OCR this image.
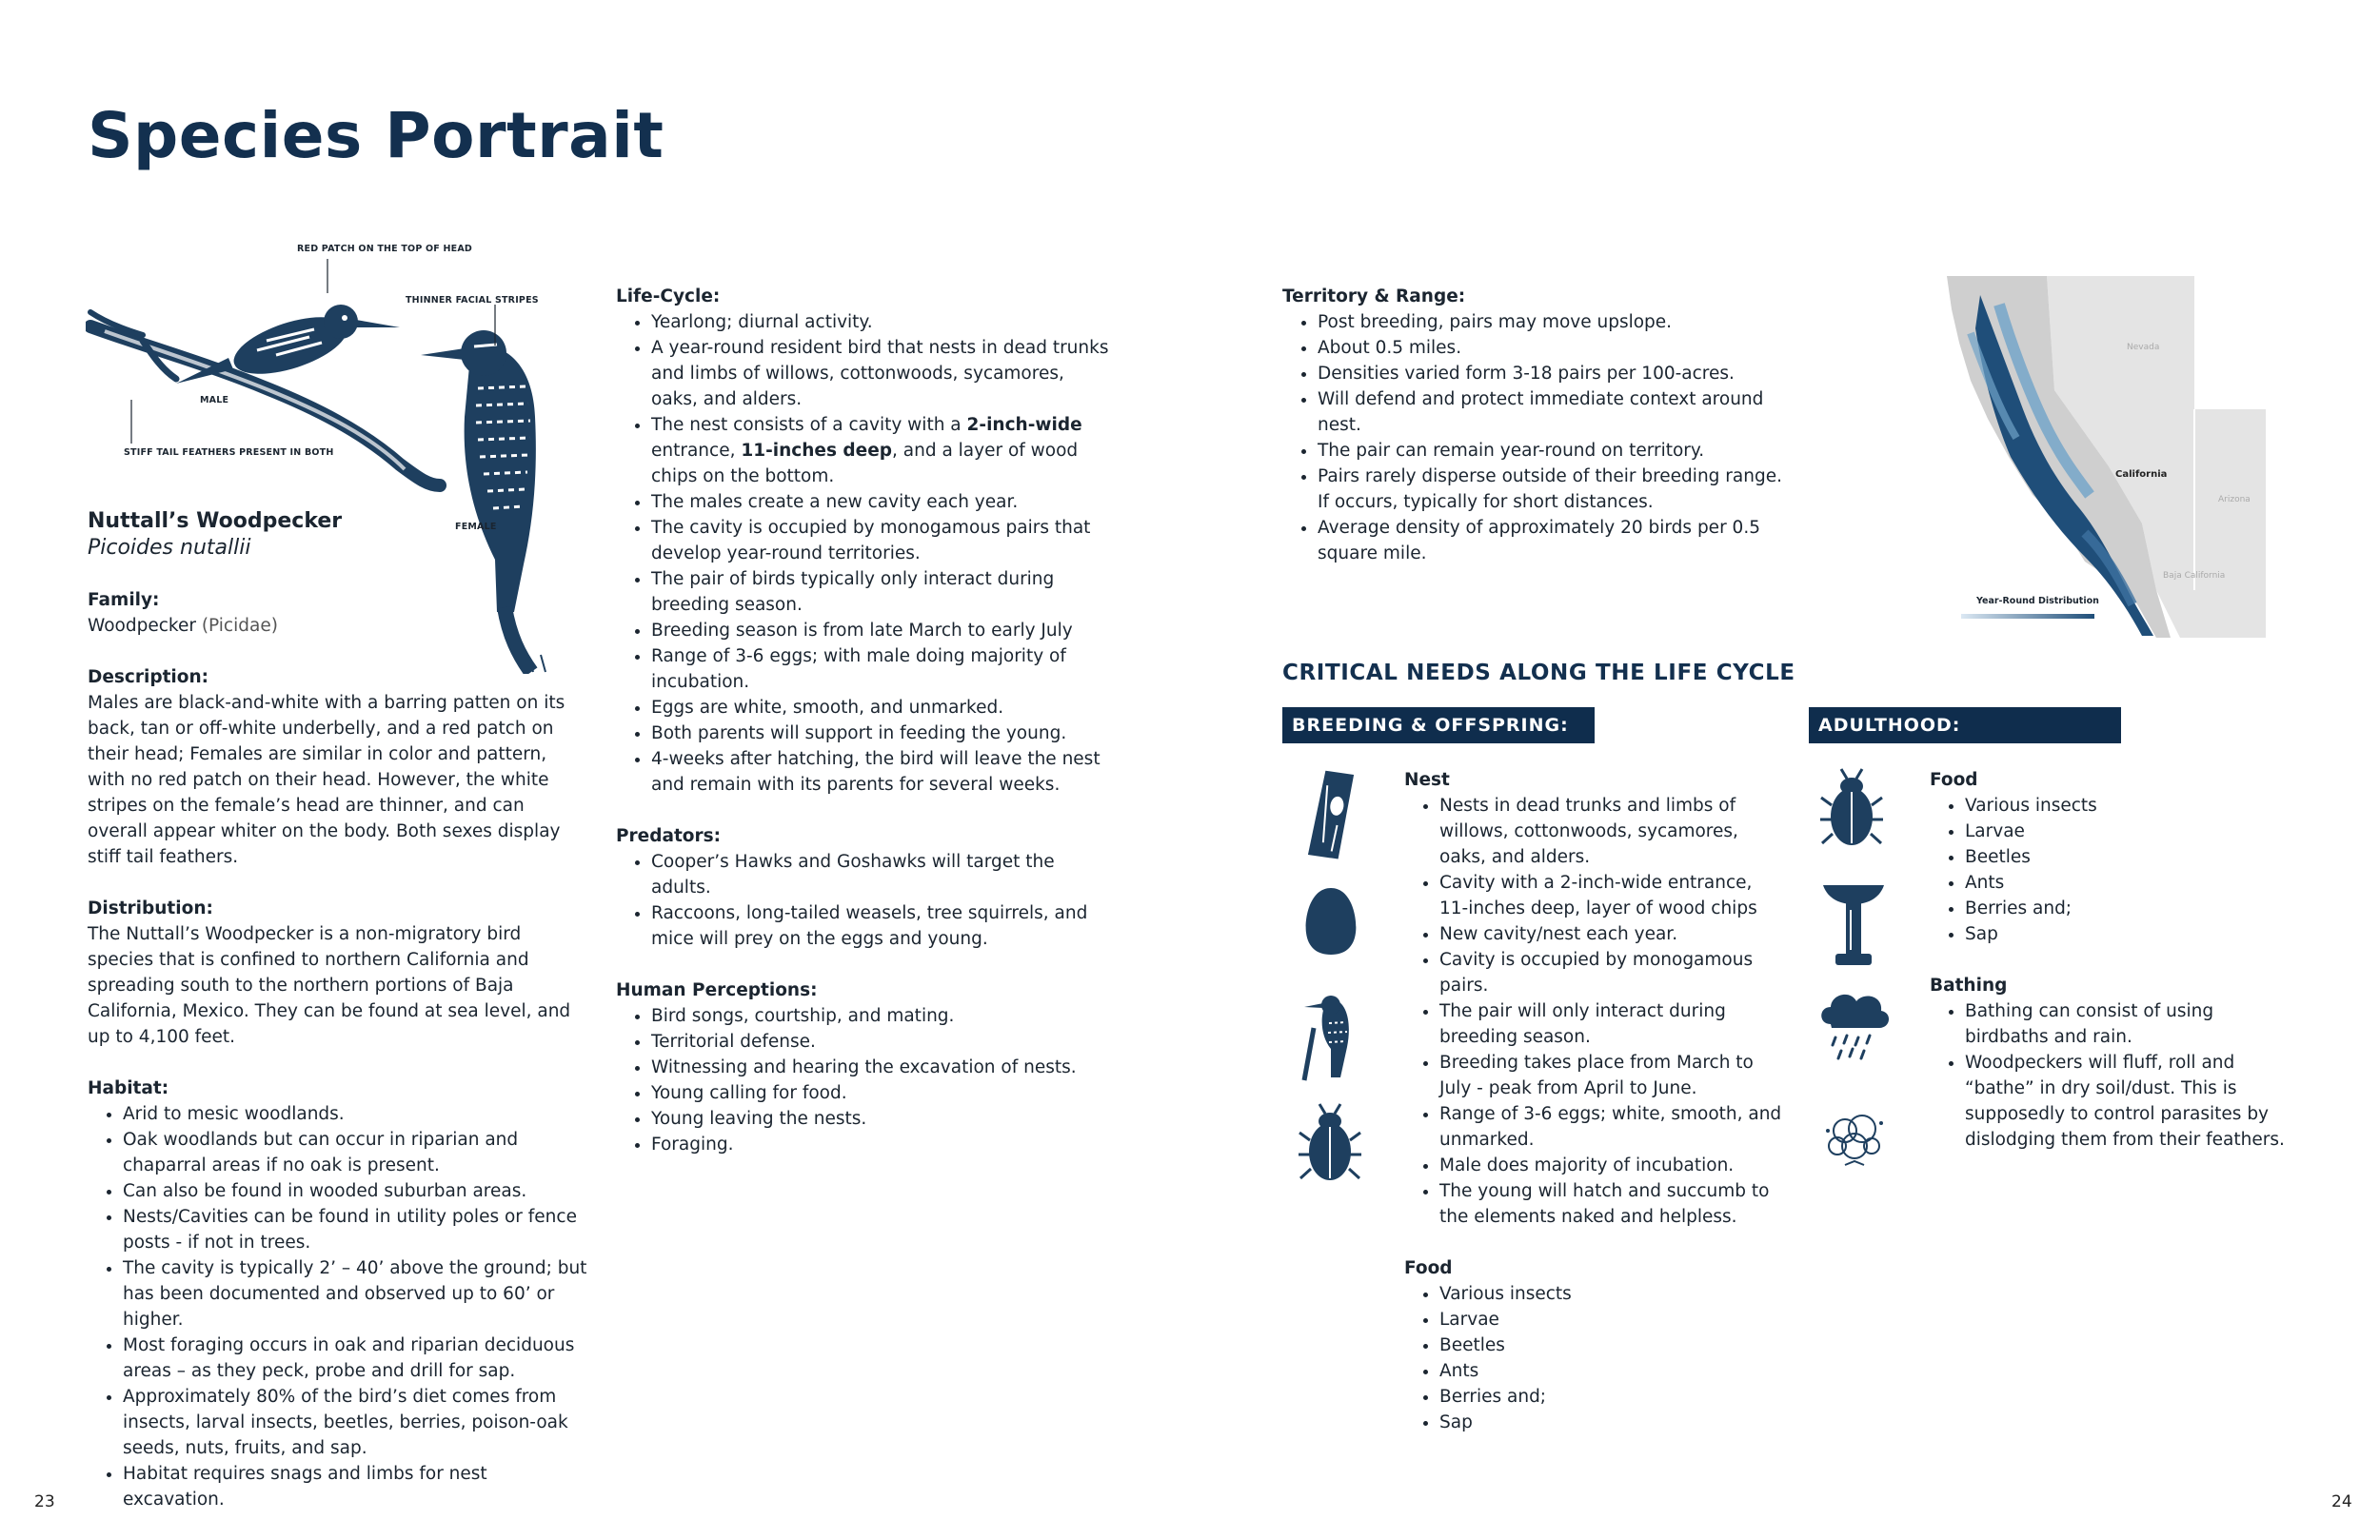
Species Portrait
RED PATCH ON THE TOP OF HEAD
THINNER FACIAL STRIPES
MALE
STIFF TAIL FEATHERS PRESENT IN BOTH
FEMALE
Nuttall’s Woodpecker
Picoides nutallii
Family:

Woodpecker (Picidae)

Description:

Males are black-and-white with a barring patten on its back, tan or off-white underbelly, and a red patch on their head; Females are similar in color and pattern, with no red patch on their head. However, the white stripes on the female’s head are thinner, and can overall appear whiter on the body. Both sexes display stiff tail feathers.

Distribution:

The Nuttall’s Woodpecker is a non-migratory bird species that is confined to northern California and spreading south to the northern portions of Baja California, Mexico. They can be found at sea level, and up to 4,100 feet.

Habitat:
• Arid to mesic woodlands.
• Oak woodlands but can occur in riparian and chaparral areas if no oak is present.
• Can also be found in wooded suburban areas.
• Nests/Cavities can be found in utility poles or fence posts - if not in trees.
• The cavity is typically 2’ – 40’ above the ground; but has been documented and observed up to 60’ or higher.
• Most foraging occurs in oak and riparian deciduous areas – as they peck, probe and drill for sap.
• Approximately 80% of the bird’s diet comes from insects, larval insects, beetles, berries, poison-oak seeds, nuts, fruits, and sap.
• Habitat requires snags and limbs for nest excavation.
Life-Cycle:
• Yearlong; diurnal activity.
• A year-round resident bird that nests in dead trunks and limbs of willows, cottonwoods, sycamores, oaks, and alders.
• The nest consists of a cavity with a 2-inch-wide entrance, 11-inches deep, and a layer of wood chips on the bottom.
• The males create a new cavity each year.
• The cavity is occupied by monogamous pairs that develop year-round territories.
• The pair of birds typically only interact during breeding season.
• Breeding season is from late March to early July
• Range of 3-6 eggs; with male doing majority of incubation.
• Eggs are white, smooth, and unmarked.
• Both parents will support in feeding the young.
• 4-weeks after hatching, the bird will leave the nest and remain with its parents for several weeks.
Predators:
• Cooper’s Hawks and Goshawks will target the adults.
• Raccoons, long-tailed weasels, tree squirrels, and mice will prey on the eggs and young.
Human Perceptions:
• Bird songs, courtship, and mating.
• Territorial defense.
• Witnessing and hearing the excavation of nests.
• Young calling for food.
• Young leaving the nests.
• Foraging.
Territory & Range:
• Post breeding, pairs may move upslope.
• About 0.5 miles.
• Densities varied form 3-18 pairs per 100-acres.
• Will defend and protect immediate context around nest.
• The pair can remain year-round on territory.
• Pairs rarely disperse outside of their breeding range. If occurs, typically for short distances.
• Average density of approximately 20 birds per 0.5 square mile.
Nevada
California
Arizona
Baja California
Year-Round Distribution
CRITICAL NEEDS ALONG THE LIFE CYCLE
BREEDING & OFFSPRING:	ADULTHOOD:
Nest
• Nests in dead trunks and limbs of willows, cottonwoods, sycamores, oaks, and alders.
• Cavity with a 2-inch-wide entrance, 11-inches deep, layer of wood chips
• New cavity/nest each year.
• Cavity is occupied by monogamous pairs.
• The pair will only interact during breeding season.
• Breeding takes place from March to July - peak from April to June.
• Range of 3-6 eggs; white, smooth, and unmarked.
• Male does majority of incubation.
• The young will hatch and succumb to the elements naked and helpless.
Food
• Various insects
• Larvae
• Beetles
• Ants
• Berries and;
• Sap
Food
• Various insects
• Larvae
• Beetles
• Ants
• Berries and;
• Sap
Bathing
• Bathing can consist of using birdbaths and rain.
• Woodpeckers will fluff, roll and “bathe” in dry soil/dust. This is supposedly to control parasites by dislodging them from their feathers.
23	24
